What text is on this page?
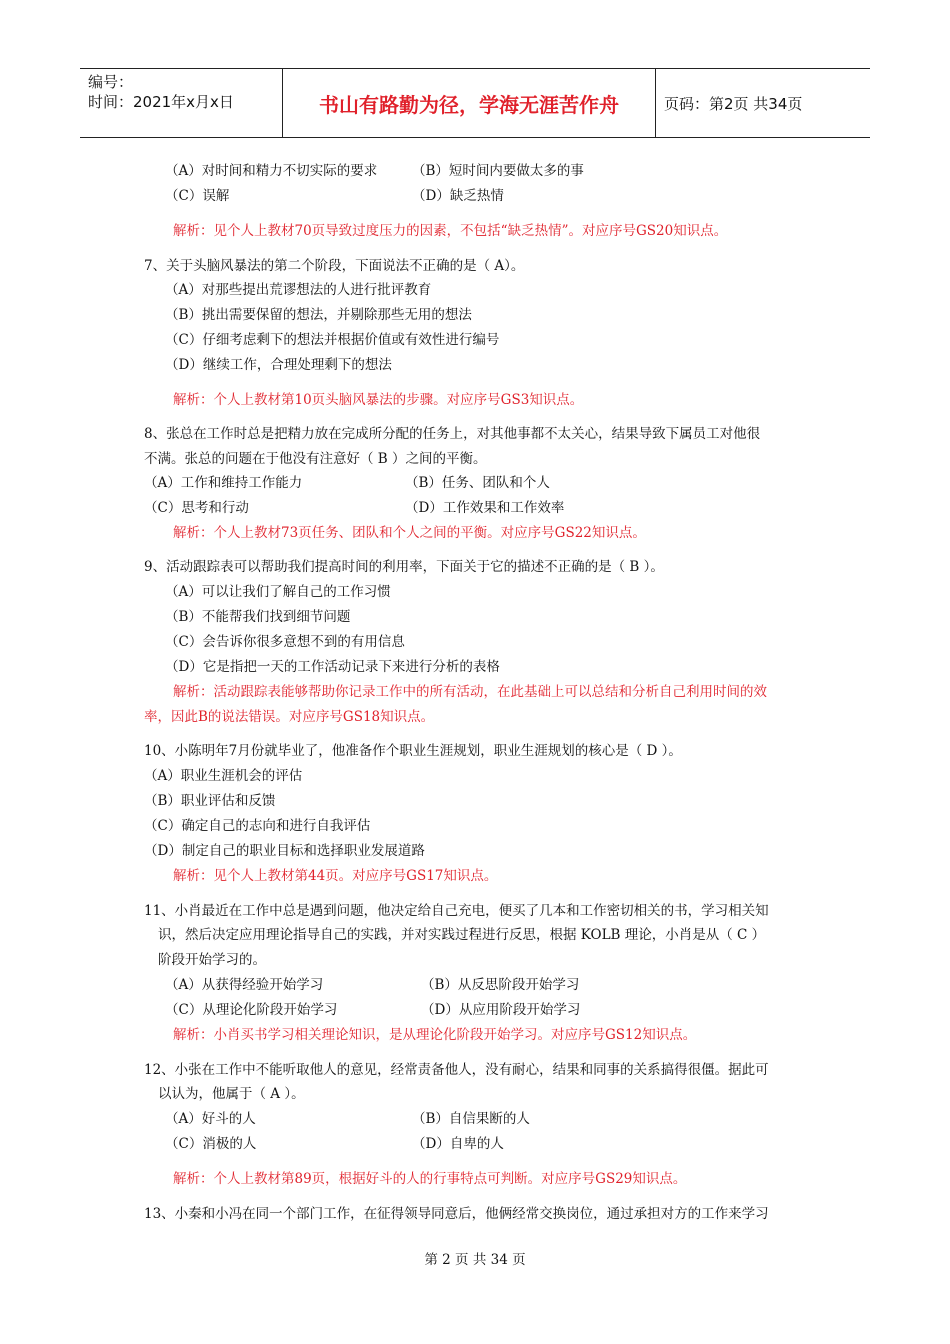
编号：
时间：2021年x月x日	书山有路勤为径，学海无涯苦作舟	页码：第2页 共34页
（A）对时间和精力不切实际的要求	（B）短时间内要做太多的事
（C）误解	（D）缺乏热情
解析：见个人上教材70页导致过度压力的因素，不包括“缺乏热情”。对应序号GS20知识点。
7、关于头脑风暴法的第二个阶段，下面说法不正确的是（ A）。
（A）对那些提出荒谬想法的人进行批评教育
（B）挑出需要保留的想法，并剔除那些无用的想法
（C）仔细考虑剩下的想法并根据价值或有效性进行编号
（D）继续工作，合理处理剩下的想法
解析：个人上教材第10页头脑风暴法的步骤。对应序号GS3知识点。
8、张总在工作时总是把精力放在完成所分配的任务上，对其他事都不太关心，结果导致下属员工对他很
不满。张总的问题在于他没有注意好（ B ）之间的平衡。
（A）工作和维持工作能力	（B）任务、团队和个人
（C）思考和行动	（D）工作效果和工作效率
解析：个人上教材73页任务、团队和个人之间的平衡。对应序号GS22知识点。
9、活动跟踪表可以帮助我们提高时间的利用率，下面关于它的描述不正确的是（ B ）。
（A）可以让我们了解自己的工作习惯
（B）不能帮我们找到细节问题
（C）会告诉你很多意想不到的有用信息
（D）它是指把一天的工作活动记录下来进行分析的表格
解析：活动跟踪表能够帮助你记录工作中的所有活动，在此基础上可以总结和分析自己利用时间的效
率，因此B的说法错误。对应序号GS18知识点。
10、小陈明年7月份就毕业了，他准备作个职业生涯规划，职业生涯规划的核心是（ D ）。
（A）职业生涯机会的评估
（B）职业评估和反馈
（C）确定自己的志向和进行自我评估
（D）制定自己的职业目标和选择职业发展道路
解析：见个人上教材第44页。对应序号GS17知识点。
11、小肖最近在工作中总是遇到问题，他决定给自己充电，便买了几本和工作密切相关的书，学习相关知
识，然后决定应用理论指导自己的实践，并对实践过程进行反思，根据 KOLB 理论，小肖是从（ C ）
阶段开始学习的。
（A）从获得经验开始学习	（B）从反思阶段开始学习
（C）从理论化阶段开始学习	（D）从应用阶段开始学习
解析：小肖买书学习相关理论知识，是从理论化阶段开始学习。对应序号GS12知识点。
12、小张在工作中不能听取他人的意见，经常责备他人，没有耐心，结果和同事的关系搞得很僵。据此可
以认为，他属于（ A ）。
（A）好斗的人	（B）自信果断的人
（C）消极的人	（D）自卑的人
解析：个人上教材第89页，根据好斗的人的行事特点可判断。对应序号GS29知识点。
13、小秦和小冯在同一个部门工作，在征得领导同意后，他俩经常交换岗位，通过承担对方的工作来学习
第 2 页 共 34 页
